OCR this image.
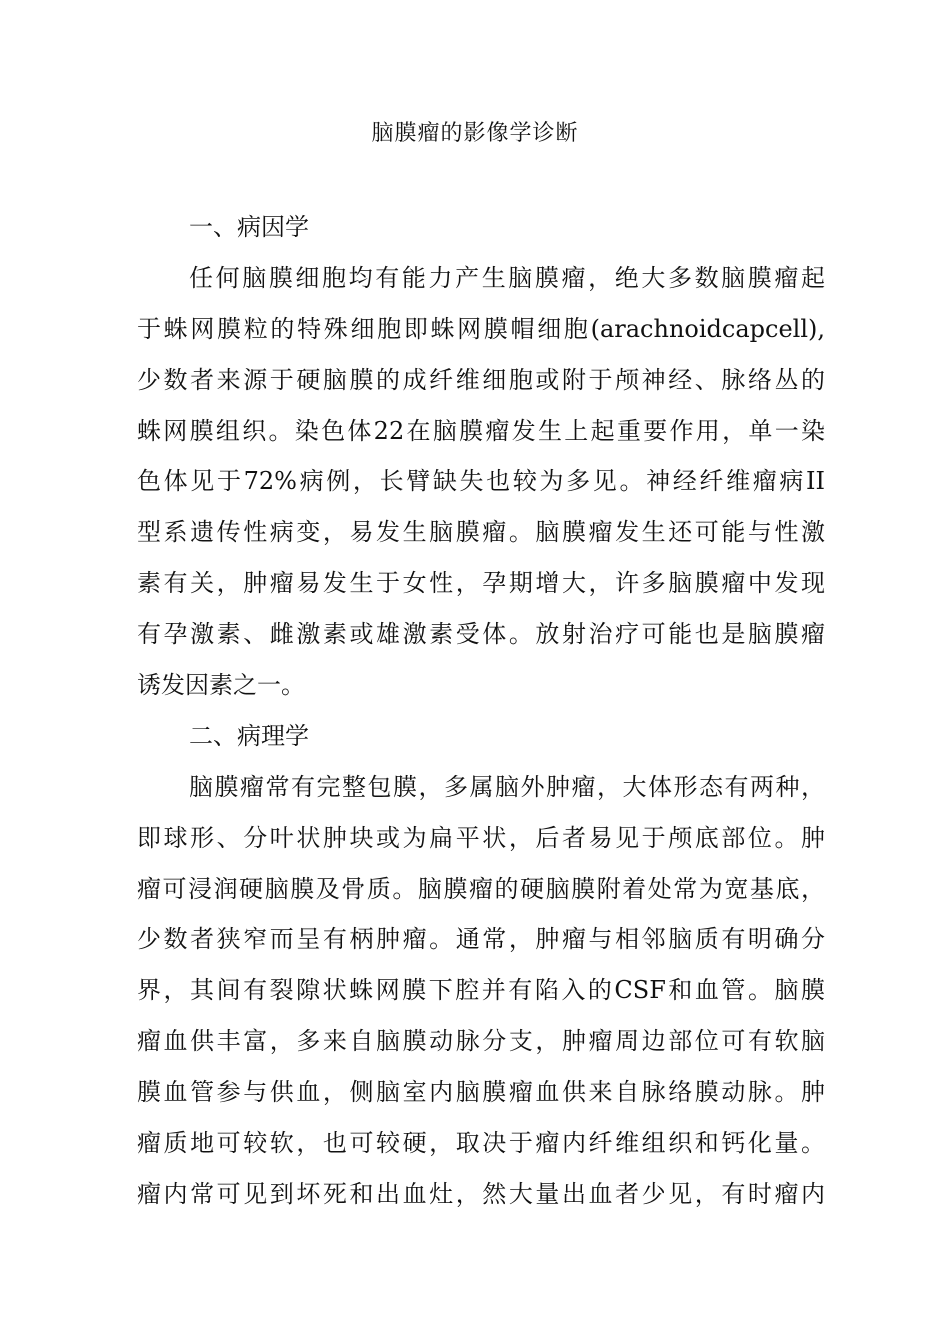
脑膜瘤的影像学诊断
一、病因学
任何脑膜细胞均有能力产生脑膜瘤，绝大多数脑膜瘤起
于蛛网膜粒的特殊细胞即蛛网膜帽细胞(arachnoidcapcell),
少数者来源于硬脑膜的成纤维细胞或附于颅神经、脉络丛的
蛛网膜组织。染色体22在脑膜瘤发生上起重要作用，单一染
色体见于72%病例，长臂缺失也较为多见。神经纤维瘤病II
型系遗传性病变，易发生脑膜瘤。脑膜瘤发生还可能与性激
素有关，肿瘤易发生于女性，孕期增大，许多脑膜瘤中发现
有孕激素、雌激素或雄激素受体。放射治疗可能也是脑膜瘤
诱发因素之一。
二、病理学
脑膜瘤常有完整包膜，多属脑外肿瘤，大体形态有两种，
即球形、分叶状肿块或为扁平状，后者易见于颅底部位。肿
瘤可浸润硬脑膜及骨质。脑膜瘤的硬脑膜附着处常为宽基底，
少数者狭窄而呈有柄肿瘤。通常，肿瘤与相邻脑质有明确分
界，其间有裂隙状蛛网膜下腔并有陷入的CSF和血管。脑膜
瘤血供丰富，多来自脑膜动脉分支，肿瘤周边部位可有软脑
膜血管参与供血，侧脑室内脑膜瘤血供来自脉络膜动脉。肿
瘤质地可较软，也可较硬，取决于瘤内纤维组织和钙化量。
瘤内常可见到坏死和出血灶，然大量出血者少见，有时瘤内
